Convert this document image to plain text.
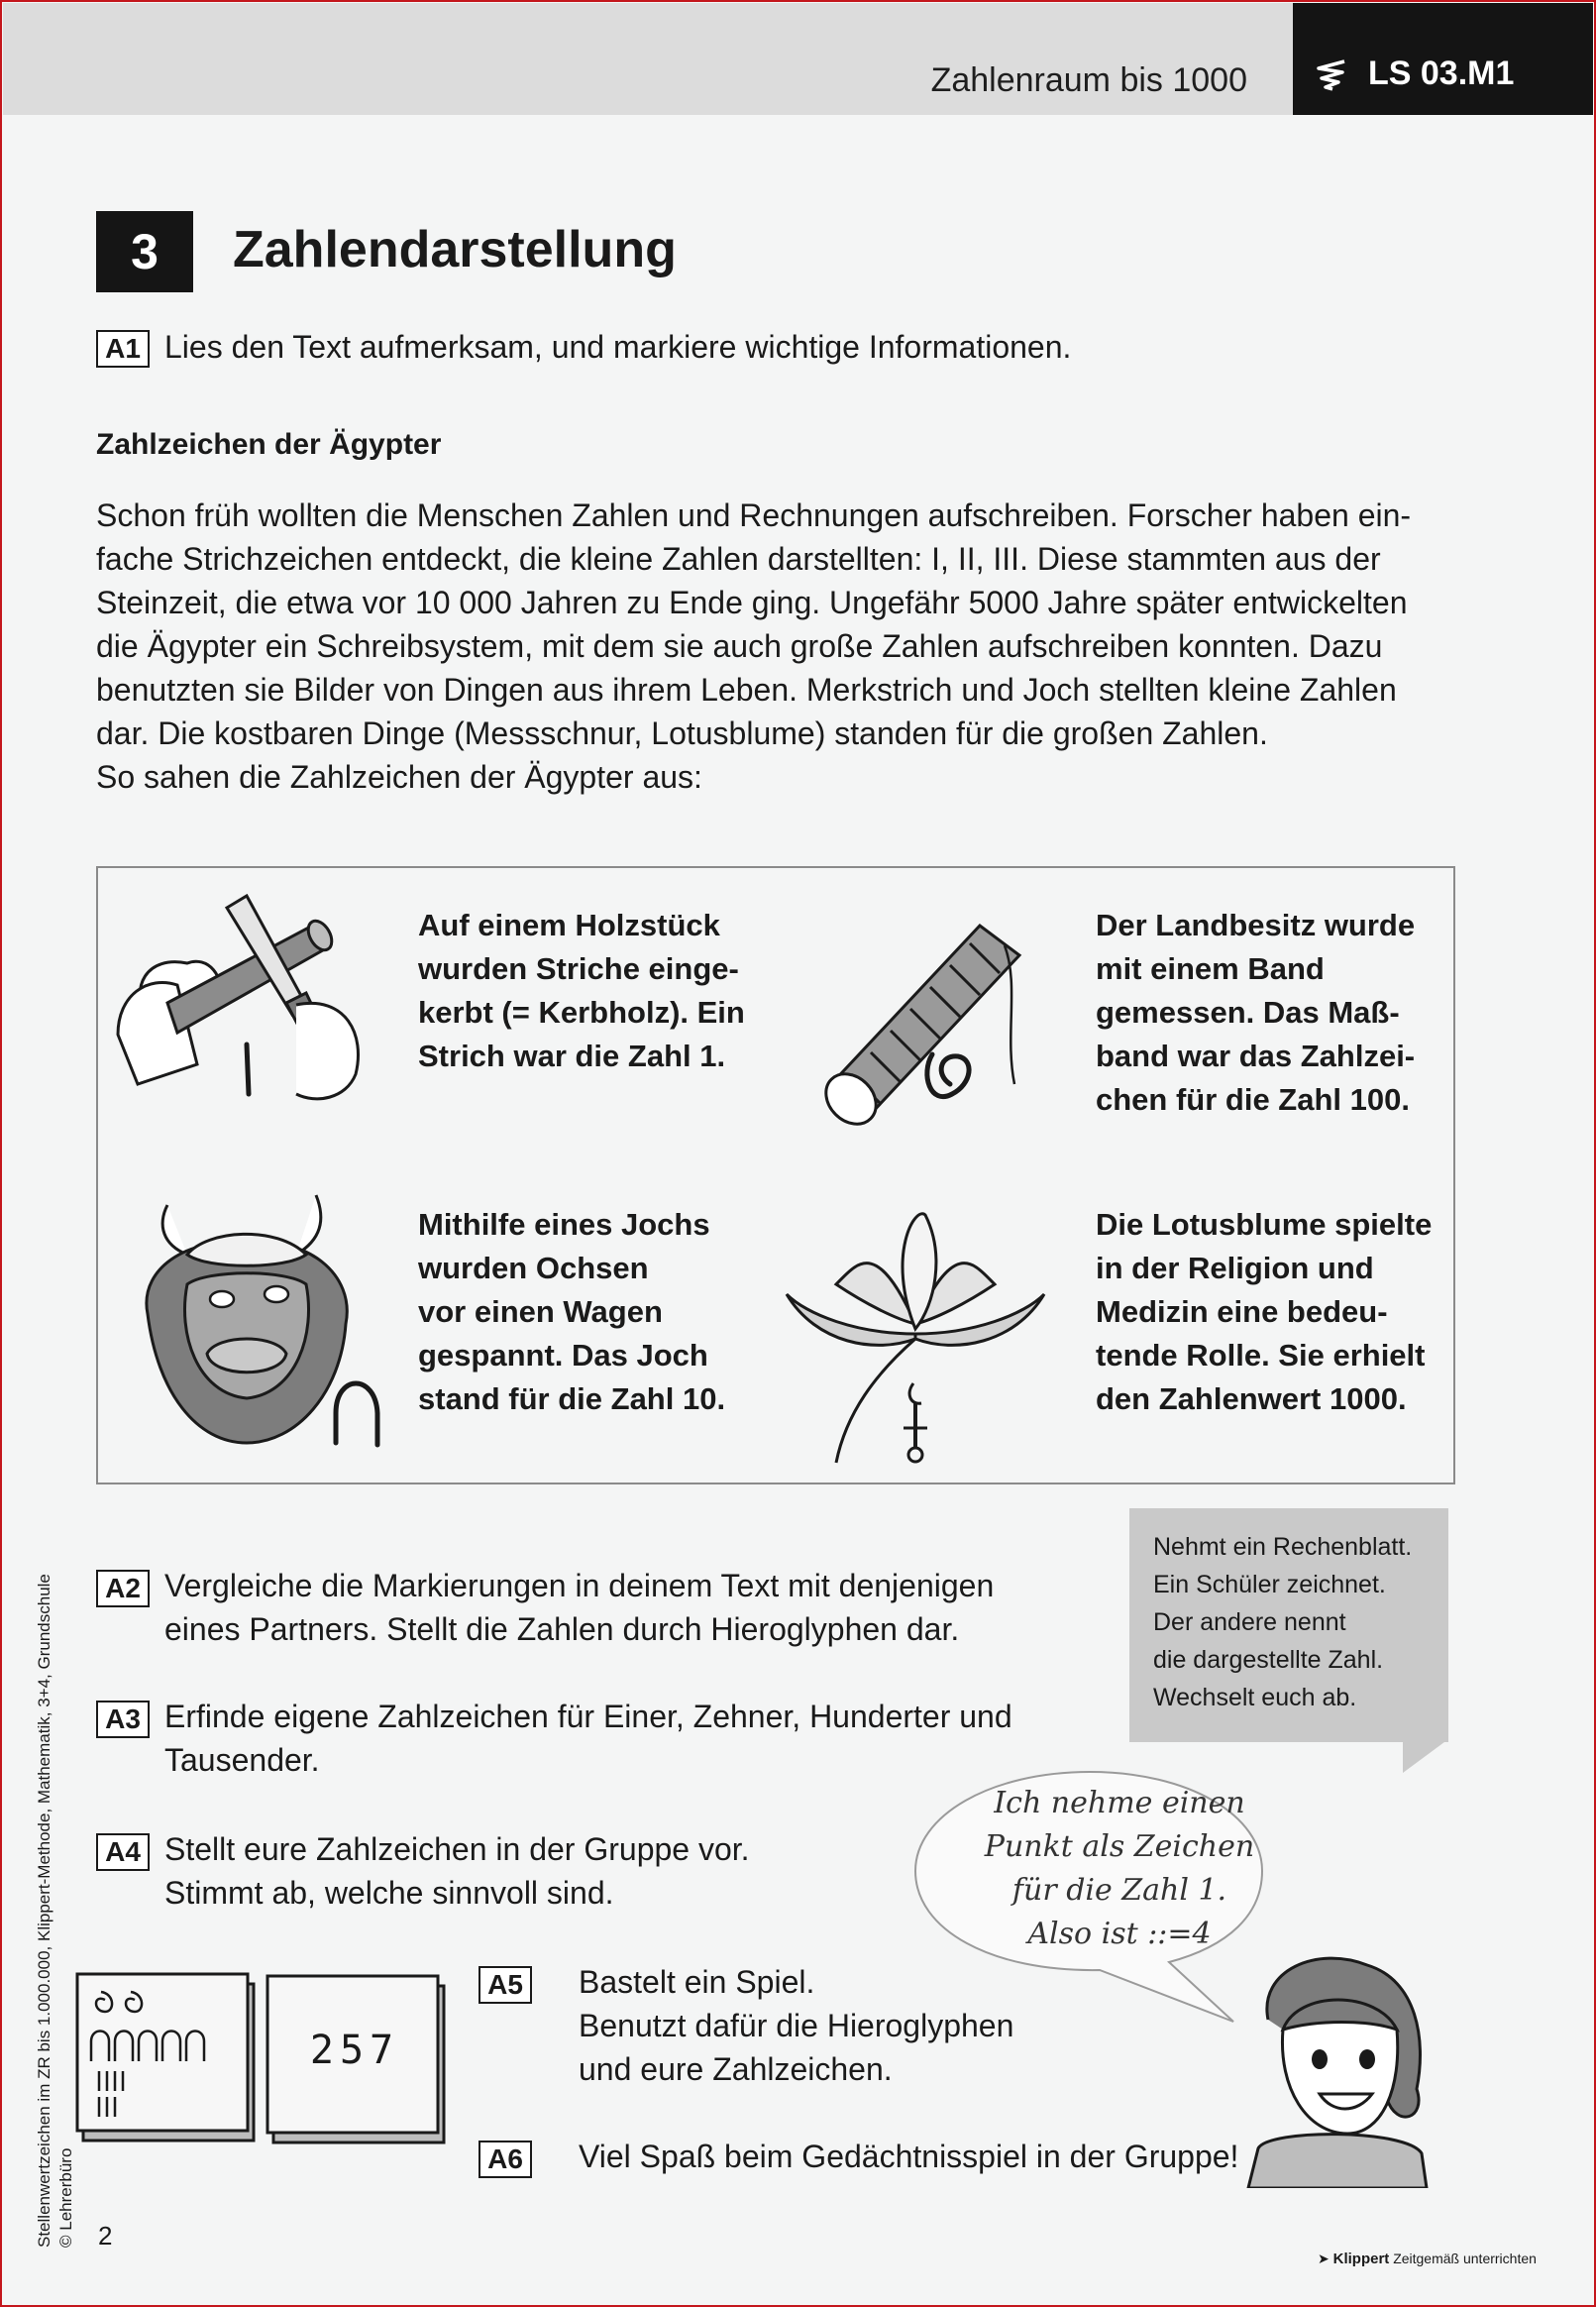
Zahlenraum bis 1000	LS 03.M1
3	Zahlendarstellung
A1 Lies den Text aufmerksam, und markiere wichtige Informationen.
Zahlzeichen der Ägypter
Schon früh wollten die Menschen Zahlen und Rechnungen aufschreiben. Forscher haben ein-
fache Strichzeichen entdeckt, die kleine Zahlen darstellten: I, II, III. Diese stammten aus der
Steinzeit, die etwa vor 10 000 Jahren zu Ende ging. Ungefähr 5000 Jahre später entwickelten
die Ägypter ein Schreibsystem, mit dem sie auch große Zahlen aufschreiben konnten. Dazu
benutzten sie Bilder von Dingen aus ihrem Leben. Merkstrich und Joch stellten kleine Zahlen
dar. Die kostbaren Dinge (Messschnur, Lotusblume) standen für die großen Zahlen.
So sahen die Zahlzeichen der Ägypter aus:
Auf einem Holzstück
wurden Striche einge-
kerbt (= Kerbholz). Ein
Strich war die Zahl 1.
Der Landbesitz wurde
mit einem Band
gemessen. Das Maß-
band war das Zahlzei-
chen für die Zahl 100.
Mithilfe eines Jochs
wurden Ochsen
vor einen Wagen
gespannt. Das Joch
stand für die Zahl 10.
Die Lotusblume spielte
in der Religion und
Medizin eine bedeu-
tende Rolle. Sie erhielt
den Zahlenwert 1000.
A2 Vergleiche die Markierungen in deinem Text mit denjenigen
eines Partners. Stellt die Zahlen durch Hieroglyphen dar.
A3 Erfinde eigene Zahlzeichen für Einer, Zehner, Hunderter und
Tausender.
A4 Stellt eure Zahlzeichen in der Gruppe vor.
Stimmt ab, welche sinnvoll sind.
Nehmt ein Rechenblatt.
Ein Schüler zeichnet.
Der andere nennt
die dargestellte Zahl.
Wechselt euch ab.
Ich nehme einen
Punkt als Zeichen
für die Zahl 1.
Also ist ::=4
257
A5 Bastelt ein Spiel.
Benutzt dafür die Hieroglyphen
und eure Zahlzeichen.
A6 Viel Spaß beim Gedächtnisspiel in der Gruppe!
Stellenwertzeichen im ZR bis 1.000.000, Klippert-Methode, Mathematik, 3+4, Grundschule © Lehrerbüro 2
➤ Klippert Zeitgemäß unterrichten
